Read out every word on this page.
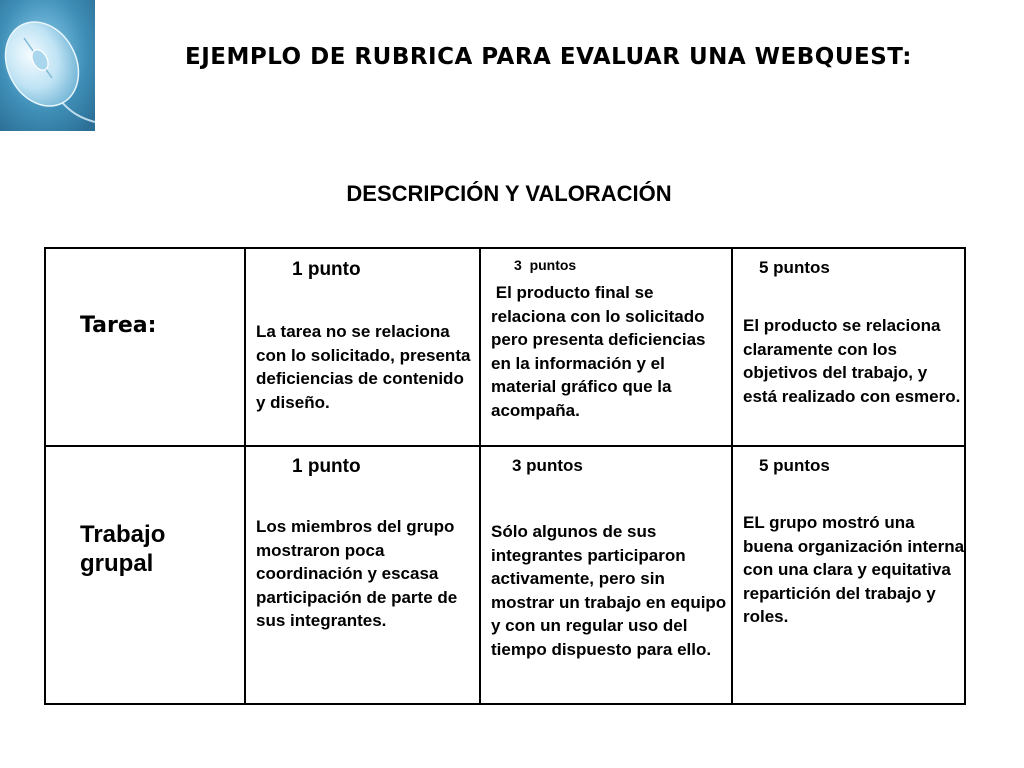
EJEMPLO DE RUBRICA PARA EVALUAR UNA WEBQUEST:
DESCRIPCIÓN Y VALORACIÓN
Tarea:
1 punto
La tarea no se relaciona con lo solicitado, presenta deficiencias de contenido y diseño.
3  puntos
El producto final se relaciona con lo solicitado pero presenta deficiencias en la información y el material gráfico que la acompaña.
5 puntos
El producto se relaciona claramente con los objetivos del trabajo, y está realizado con esmero.
Trabajo grupal
1 punto
Los miembros del grupo mostraron poca coordinación y escasa participación de parte de sus integrantes.
3 puntos
Sólo algunos de sus integrantes participaron activamente, pero sin mostrar un trabajo en equipo y con un regular uso del tiempo dispuesto para ello.
5 puntos
EL grupo mostró una buena organización interna con una clara y equitativa repartición del trabajo y roles.
